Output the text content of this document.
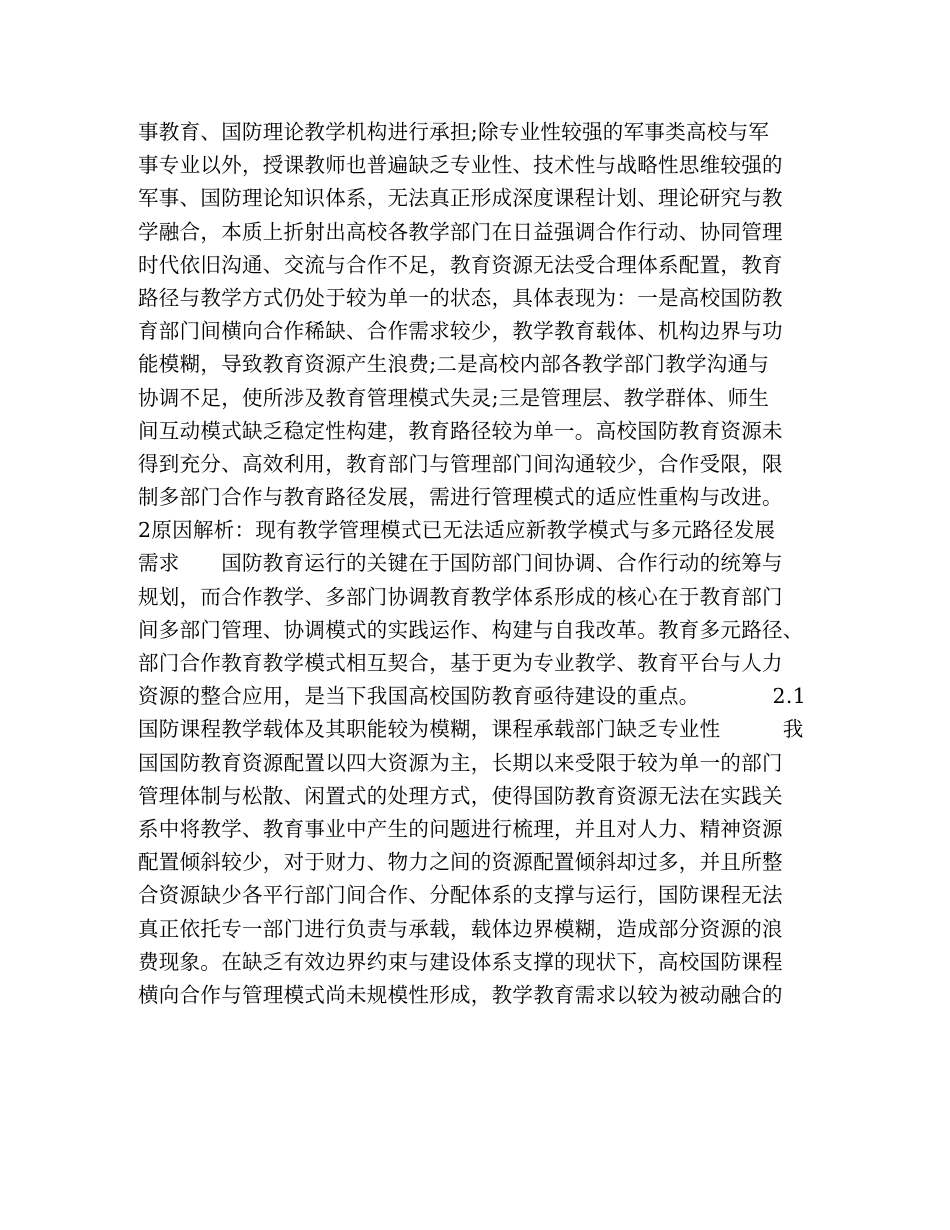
事教育、国防理论教学机构进行承担;除专业性较强的军事类高校与军
事专业以外，授课教师也普遍缺乏专业性、技术性与战略性思维较强的
军事、国防理论知识体系，无法真正形成深度课程计划、理论研究与教
学融合，本质上折射出高校各教学部门在日益强调合作行动、协同管理
时代依旧沟通、交流与合作不足，教育资源无法受合理体系配置，教育
路径与教学方式仍处于较为单一的状态，具体表现为：一是高校国防教
育部门间横向合作稀缺、合作需求较少，教学教育载体、机构边界与功
能模糊，导致教育资源产生浪费;二是高校内部各教学部门教学沟通与
协调不足，使所涉及教育管理模式失灵;三是管理层、教学群体、师生
间互动模式缺乏稳定性构建，教育路径较为单一。高校国防教育资源未
得到充分、高效利用，教育部门与管理部门间沟通较少，合作受限，限
制多部门合作与教育路径发展，需进行管理模式的适应性重构与改进。
2原因解析：现有教学管理模式已无法适应新教学模式与多元路径发展
需求　　国防教育运行的关键在于国防部门间协调、合作行动的统筹与
规划，而合作教学、多部门协调教育教学体系形成的核心在于教育部门
间多部门管理、协调模式的实践运作、构建与自我改革。教育多元路径、
部门合作教育教学模式相互契合，基于更为专业教学、教育平台与人力
资源的整合应用，是当下我国高校国防教育亟待建设的重点。　　　　2.1
国防课程教学载体及其职能较为模糊，课程承载部门缺乏专业性　　　我
国国防教育资源配置以四大资源为主，长期以来受限于较为单一的部门
管理体制与松散、闲置式的处理方式，使得国防教育资源无法在实践关
系中将教学、教育事业中产生的问题进行梳理，并且对人力、精神资源
配置倾斜较少，对于财力、物力之间的资源配置倾斜却过多，并且所整
合资源缺少各平行部门间合作、分配体系的支撑与运行，国防课程无法
真正依托专一部门进行负责与承载，载体边界模糊，造成部分资源的浪
费现象。在缺乏有效边界约束与建设体系支撑的现状下，高校国防课程
横向合作与管理模式尚未规模性形成，教学教育需求以较为被动融合的
